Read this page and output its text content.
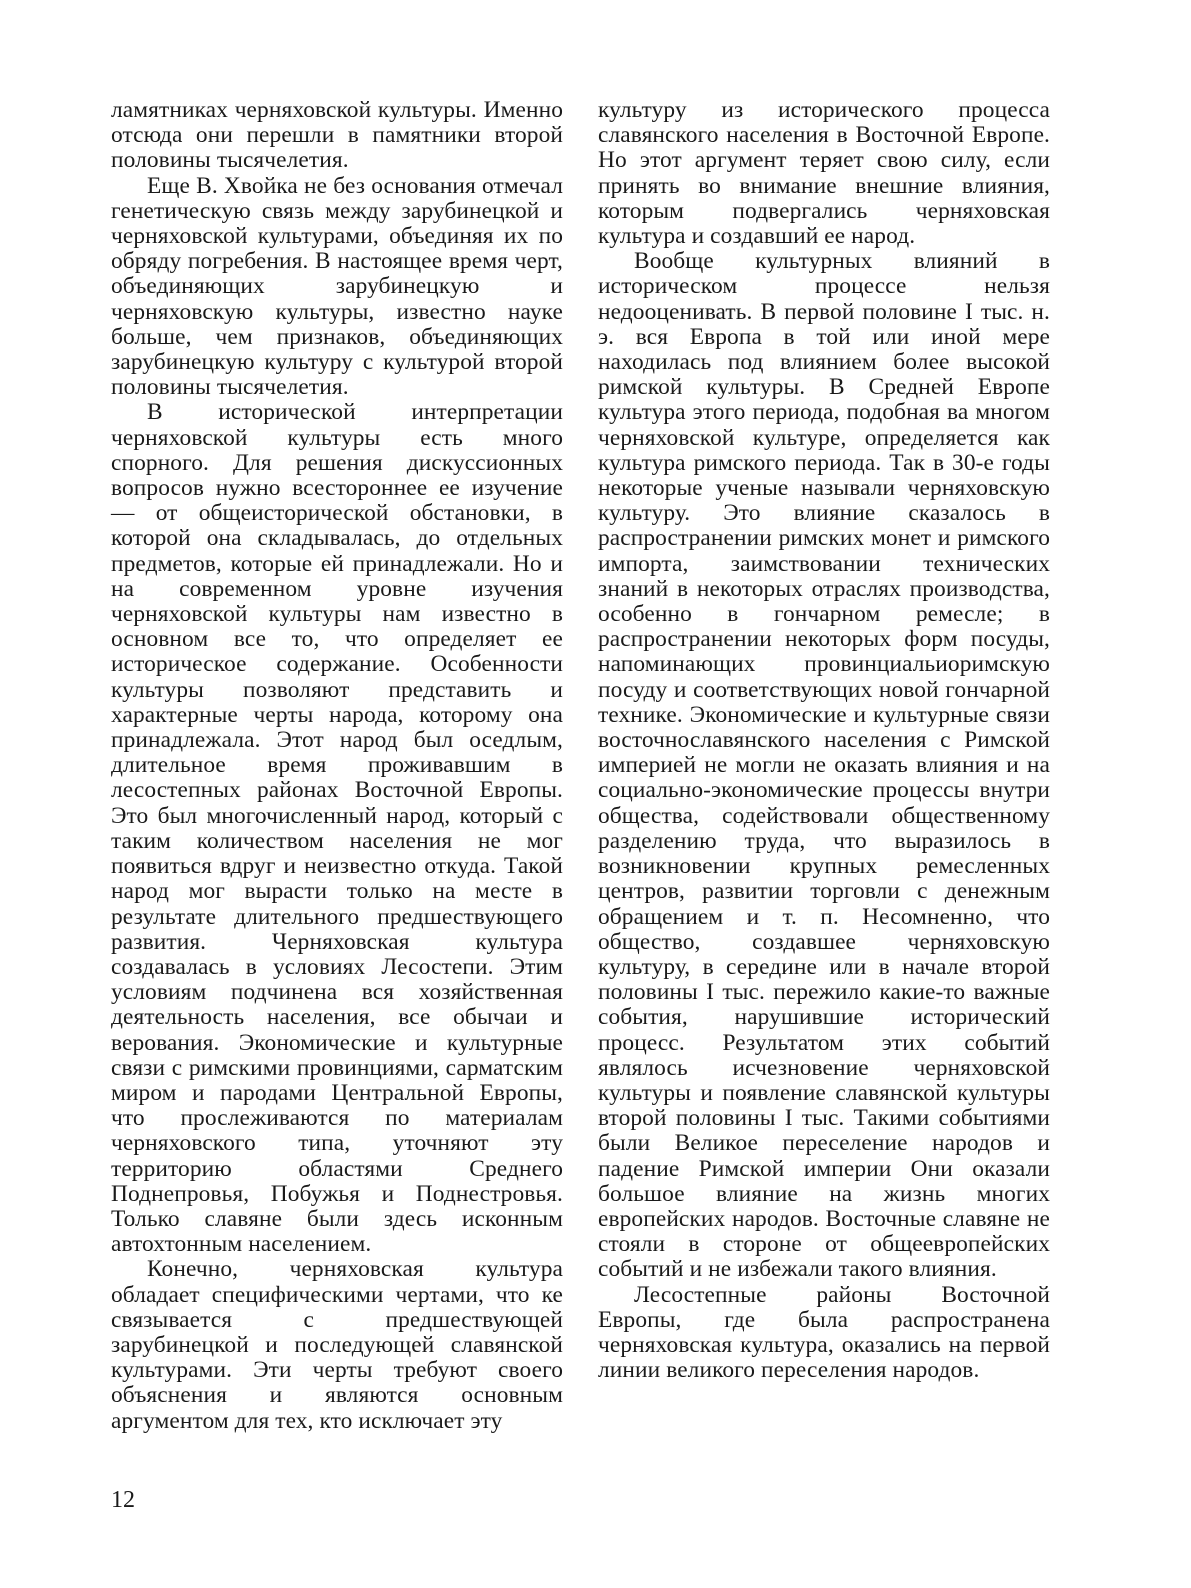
ламятниках черняховской культуры. Именно отсюда они перешли в памятники второй половины тысячелетия.

Еще В. Хвойка не без основания отмечал генетическую связь между зарубинецкой и черняховской культурами, объединяя их по обряду погребения. В настоящее время черт, объединяющих зарубинецкую и черняховскую культуры, известно науке больше, чем признаков, объединяющих зарубинецкую культуру с культурой второй половины тысячелетия.

В исторической интерпретации черняховской культуры есть много спорного. Для решения дискуссионных вопросов нужно всестороннее ее изучение — от общеисторической обстановки, в которой она складывалась, до отдельных предметов, которые ей принадлежали. Но и на современном уровне изучения черняховской культуры нам известно в основном все то, что определяет ее историческое содержание. Особенности культуры позволяют представить и характерные черты народа, которому она принадлежала. Этот народ был оседлым, длительное время проживавшим в лесостепных районах Восточной Европы. Это был многочисленный народ, который с таким количеством населения не мог появиться вдруг и неизвестно откуда. Такой народ мог вырасти только на месте в результате длительного предшествующего развития. Черняховская культура создавалась в условиях Лесостепи. Этим условиям подчинена вся хозяйственная деятельность населения, все обычаи и верования. Экономические и культурные связи с римскими провинциями, сарматским миром и пародами Центральной Европы, что прослеживаются по материалам черняховского типа, уточняют эту территорию областями Среднего Поднепровья, Побужья и Поднестровья. Только славяне были здесь исконным автохтонным населением.

Конечно, черняховская культура обладает специфическими чертами, что ке связывается с предшествующей зарубинецкой и последующей славянской культурами. Эти черты требуют своего объяснения и являются основным аргументом для тех, кто исключает эту

культуру из исторического процесса славянского населения в Восточной Европе. Но этот аргумент теряет свою силу, если принять во внимание внешние влияния, которым подвергались черняховская культура и создавший ее народ.

Вообще культурных влияний в историческом процессе нельзя недооценивать. В первой половине I тыс. н. э. вся Европа в той или иной мере находилась под влиянием более высокой римской культуры. В Средней Европе культура этого периода, подобная ва многом черняховской культуре, определяется как культура римского периода. Так в 30-е годы некоторые ученые называли черняховскую культуру. Это влияние сказалось в распространении римских монет и римского импорта, заимствовании технических знаний в некоторых отраслях производства, особенно в гончарном ремесле; в распространении некоторых форм посуды, напоминающих провинциальиоримскую посуду и соответствующих новой гончарной технике. Экономические и культурные связи восточнославянского населения с Римской империей не могли не оказать влияния и на социально-экономические процессы внутри общества, содействовали общественному разделению труда, что выразилось в возникновении крупных ремесленных центров, развитии торговли с денежным обращением и т. п. Несомненно, что общество, создавшее черняховскую культуру, в середине или в начале второй половины I тыс. пережило какие-то важные события, нарушившие исторический процесс. Результатом этих событий являлось исчезновение черняховской культуры и появление славянской культуры второй половины I тыс. Такими событиями были Великое переселение народов и падение Римской империи Они оказали большое влияние на жизнь многих европейских народов. Восточные славяне не стояли в стороне от общеевропейских событий и не избежали такого влияния.

Лесостепные районы Восточной Европы, где была распространена черняховская культура, оказались на первой линии великого переселения народов.

12
